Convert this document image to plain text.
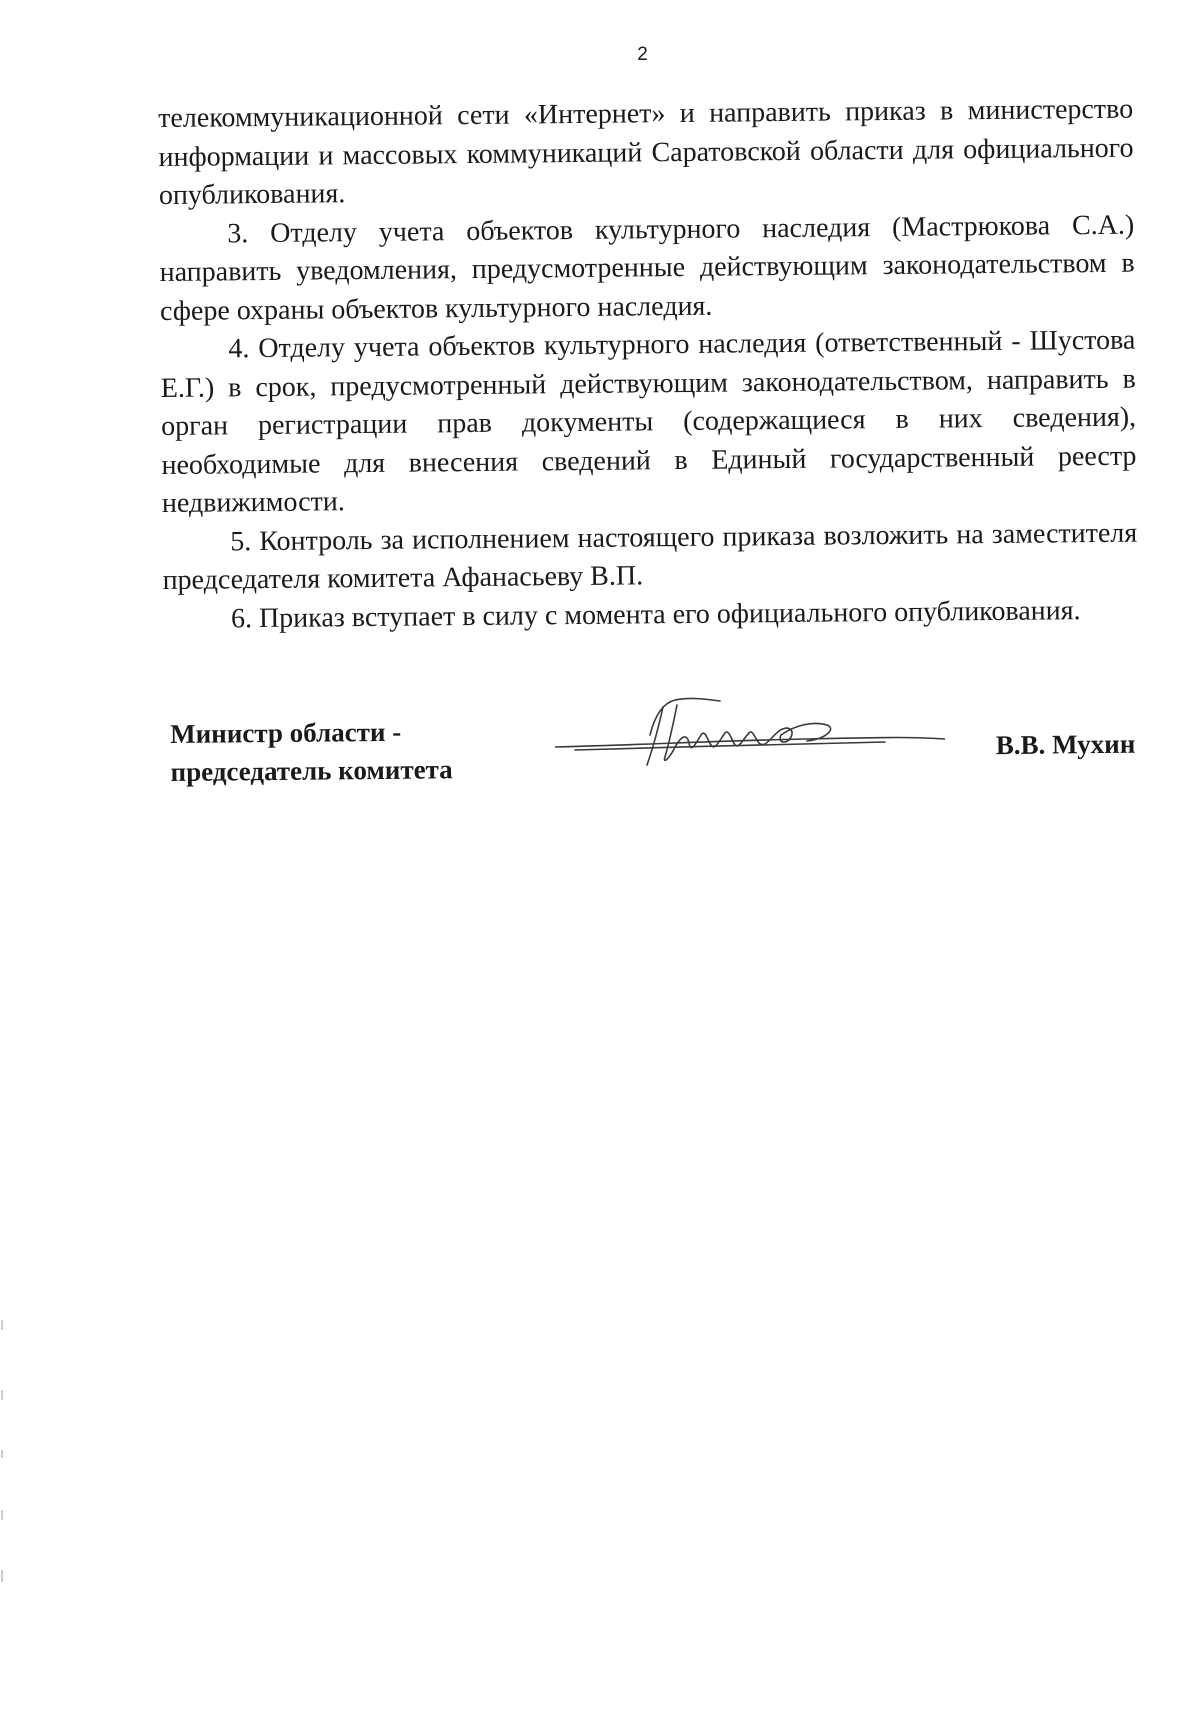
2

телекоммуникационной сети «Интернет» и направить приказ в министерство информации и массовых коммуникаций Саратовской области для официального опубликования.

3. Отделу учета объектов культурного наследия (Мастрюкова С.А.) направить уведомления, предусмотренные действующим законодательством в сфере охраны объектов культурного наследия.

4. Отделу учета объектов культурного наследия (ответственный - Шустова Е.Г.) в срок, предусмотренный действующим законодательством, направить в орган регистрации прав документы (содержащиеся в них сведения), необходимые для внесения сведений в Единый государственный реестр недвижимости.

5. Контроль за исполнением настоящего приказа возложить на заместителя председателя комитета Афанасьеву В.П.

6. Приказ вступает в силу с момента его официального опубликования.

Министр области -
председатель комитета
В.В. Мухин
